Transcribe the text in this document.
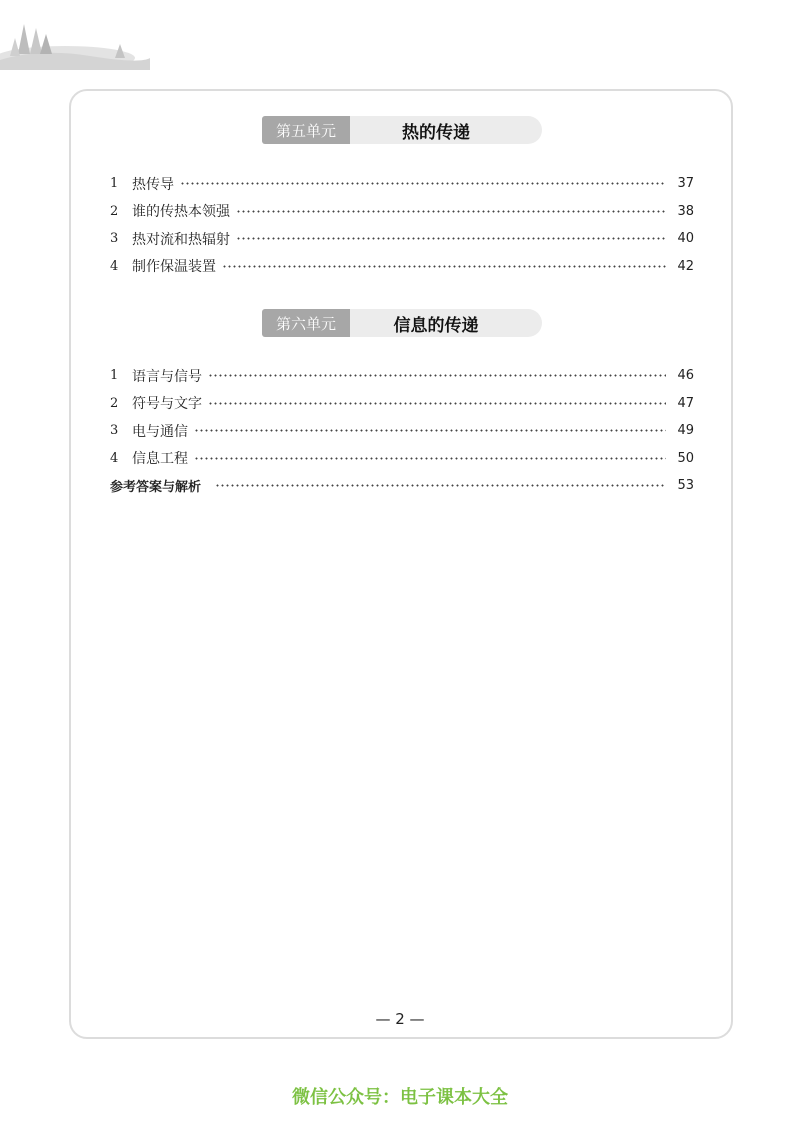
第五单元	热的传递
1 热传导	37
2 谁的传热本领强	38
3 热对流和热辐射	40
4 制作保温装置	42
第六单元	信息的传递
1 语言与信号	46
2 符号与文字	47
3 电与通信	49
4 信息工程	50
参考答案与解析	53
— 2 —
微信公众号：电子课本大全
